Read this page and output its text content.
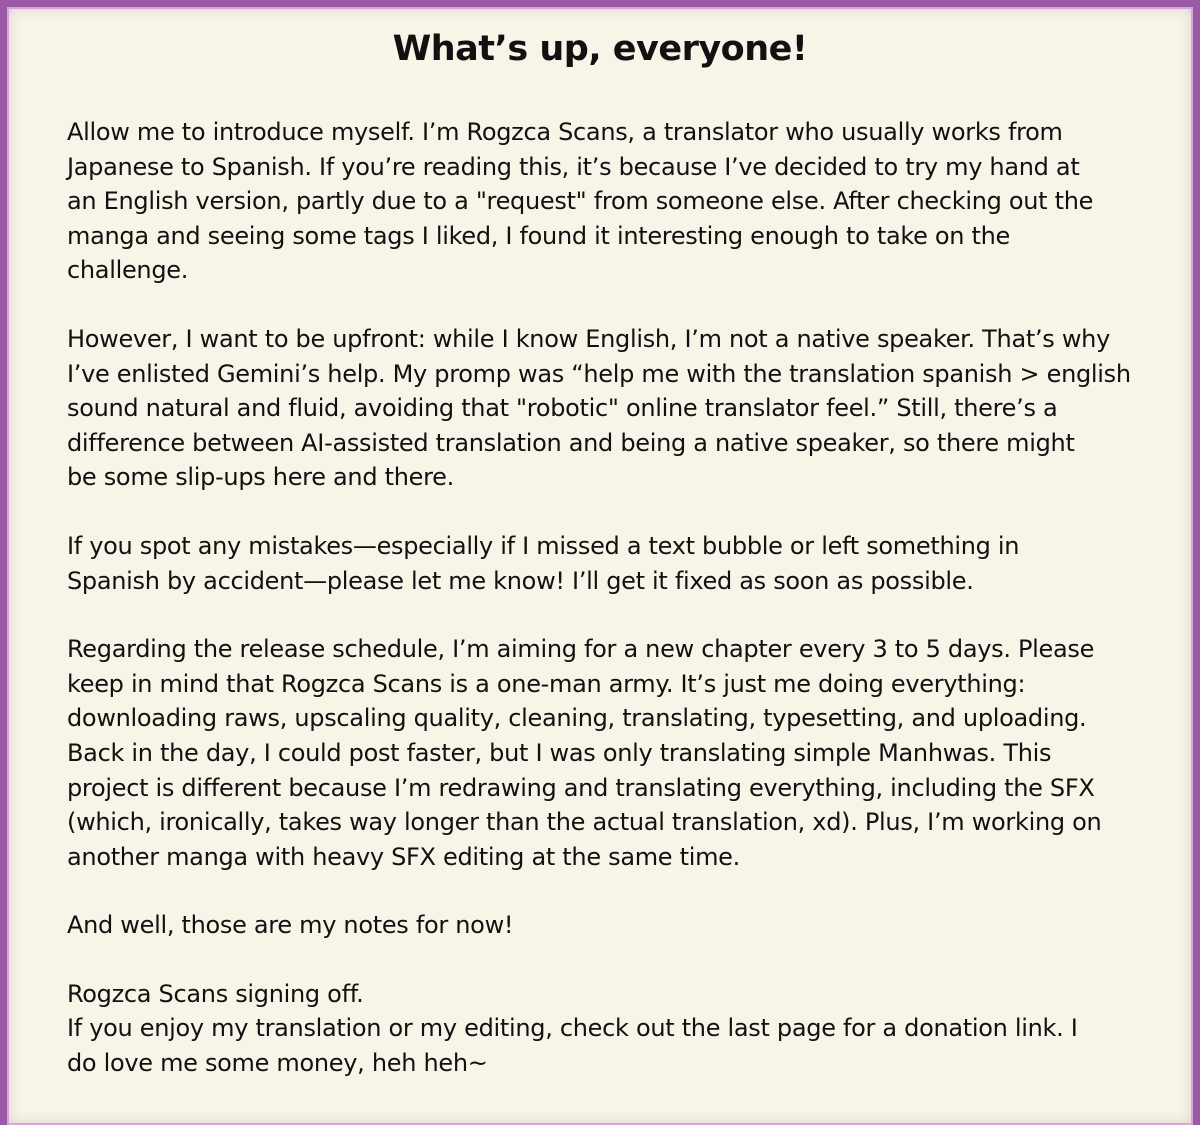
What’s up, everyone!

Allow me to introduce myself. I’m Rogzca Scans, a translator who usually works from
Japanese to Spanish. If you’re reading this, it’s because I’ve decided to try my hand at
an English version, partly due to a "request" from someone else. After checking out the
manga and seeing some tags I liked, I found it interesting enough to take on the
challenge.

However, I want to be upfront: while I know English, I’m not a native speaker. That’s why
I’ve enlisted Gemini’s help. My promp was “help me with the translation spanish > english
sound natural and fluid, avoiding that "robotic" online translator feel.” Still, there’s a
difference between AI-assisted translation and being a native speaker, so there might
be some slip-ups here and there.

If you spot any mistakes—especially if I missed a text bubble or left something in
Spanish by accident—please let me know! I’ll get it fixed as soon as possible.

Regarding the release schedule, I’m aiming for a new chapter every 3 to 5 days. Please
keep in mind that Rogzca Scans is a one-man army. It’s just me doing everything:
downloading raws, upscaling quality, cleaning, translating, typesetting, and uploading.
Back in the day, I could post faster, but I was only translating simple Manhwas. This
project is different because I’m redrawing and translating everything, including the SFX
(which, ironically, takes way longer than the actual translation, xd). Plus, I’m working on
another manga with heavy SFX editing at the same time.

And well, those are my notes for now!

Rogzca Scans signing off.
If you enjoy my translation or my editing, check out the last page for a donation link. I
do love me some money, heh heh~
